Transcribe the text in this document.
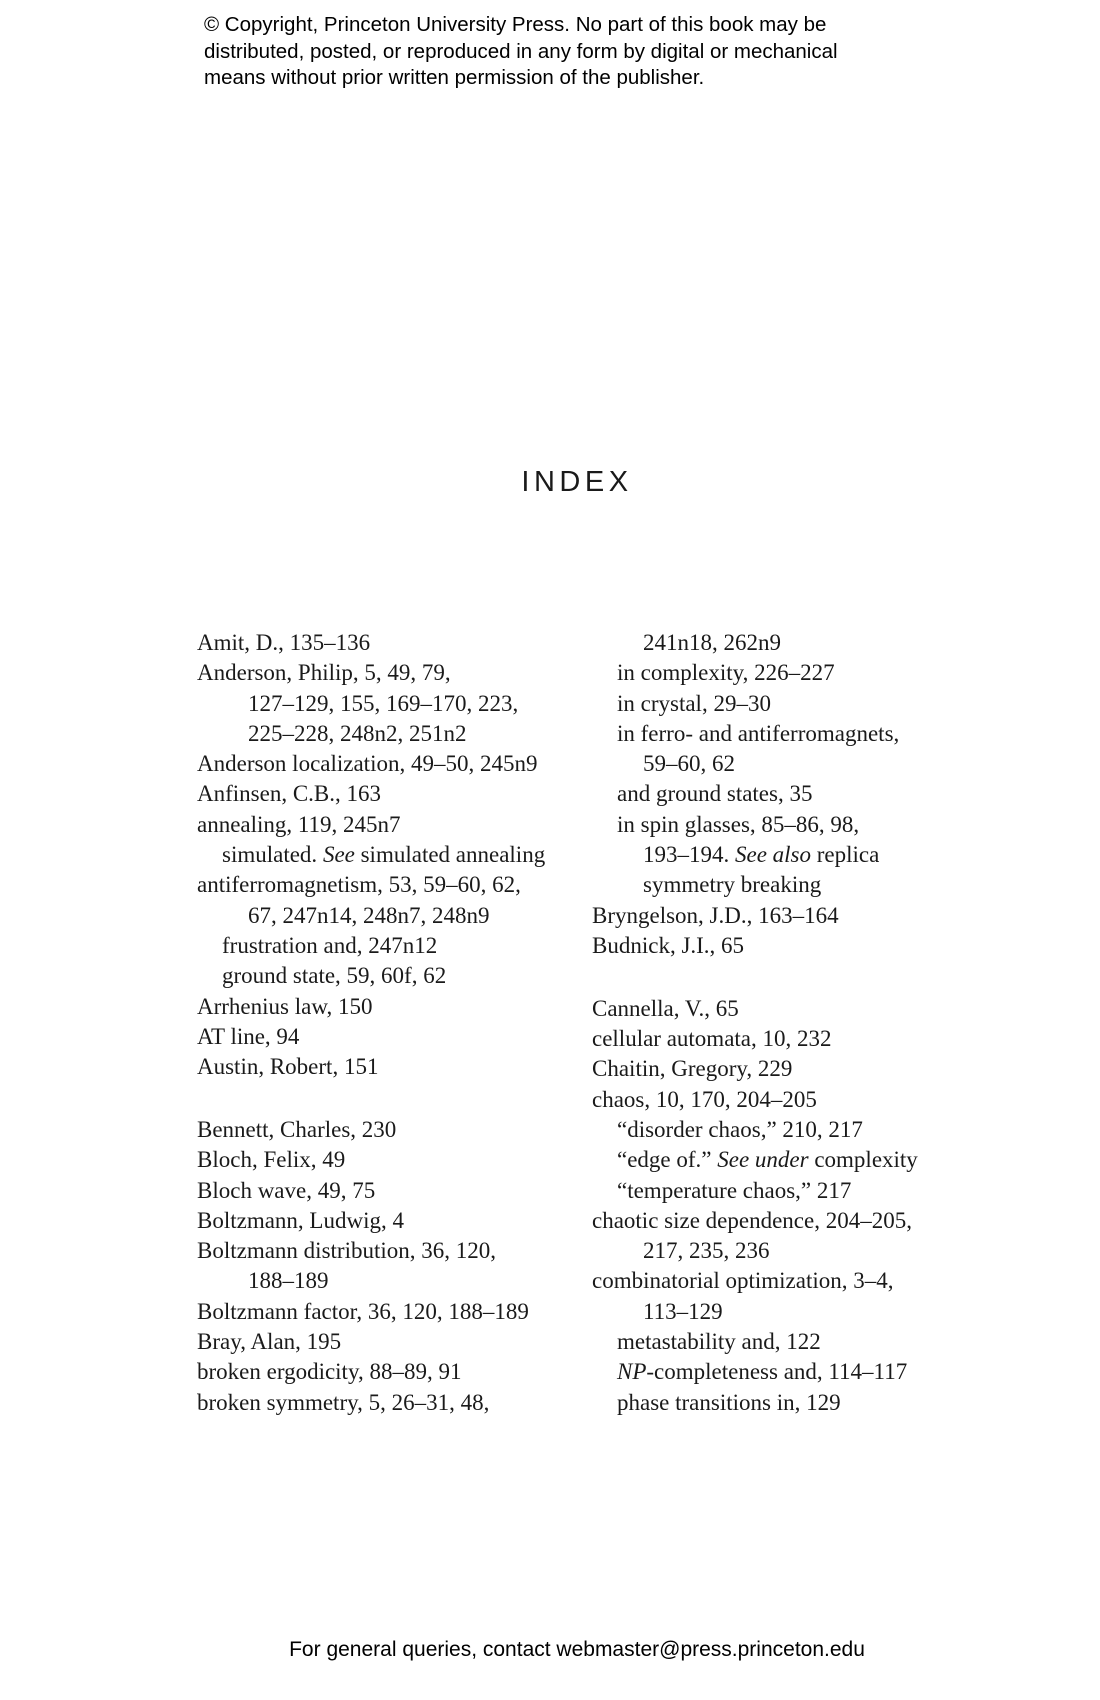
© Copyright, Princeton University Press. No part of this book may be
distributed, posted, or reproduced in any form by digital or mechanical
means without prior written permission of the publisher.
INDEX
Amit, D., 135–136
Anderson, Philip, 5, 49, 79,
127–129, 155, 169–170, 223,
225–228, 248n2, 251n2
Anderson localization, 49–50, 245n9
Anfinsen, C.B., 163
annealing, 119, 245n7
simulated. See simulated annealing
antiferromagnetism, 53, 59–60, 62,
67, 247n14, 248n7, 248n9
frustration and, 247n12
ground state, 59, 60f, 62
Arrhenius law, 150
AT line, 94
Austin, Robert, 151
Bennett, Charles, 230
Bloch, Felix, 49
Bloch wave, 49, 75
Boltzmann, Ludwig, 4
Boltzmann distribution, 36, 120,
188–189
Boltzmann factor, 36, 120, 188–189
Bray, Alan, 195
broken ergodicity, 88–89, 91
broken symmetry, 5, 26–31, 48,
241n18, 262n9
in complexity, 226–227
in crystal, 29–30
in ferro- and antiferromagnets,
59–60, 62
and ground states, 35
in spin glasses, 85–86, 98,
193–194. See also replica
symmetry breaking
Bryngelson, J.D., 163–164
Budnick, J.I., 65
Cannella, V., 65
cellular automata, 10, 232
Chaitin, Gregory, 229
chaos, 10, 170, 204–205
“disorder chaos,” 210, 217
“edge of.” See under complexity
“temperature chaos,” 217
chaotic size dependence, 204–205,
217, 235, 236
combinatorial optimization, 3–4,
113–129
metastability and, 122
NP-completeness and, 114–117
phase transitions in, 129
For general queries, contact webmaster@press.princeton.edu
